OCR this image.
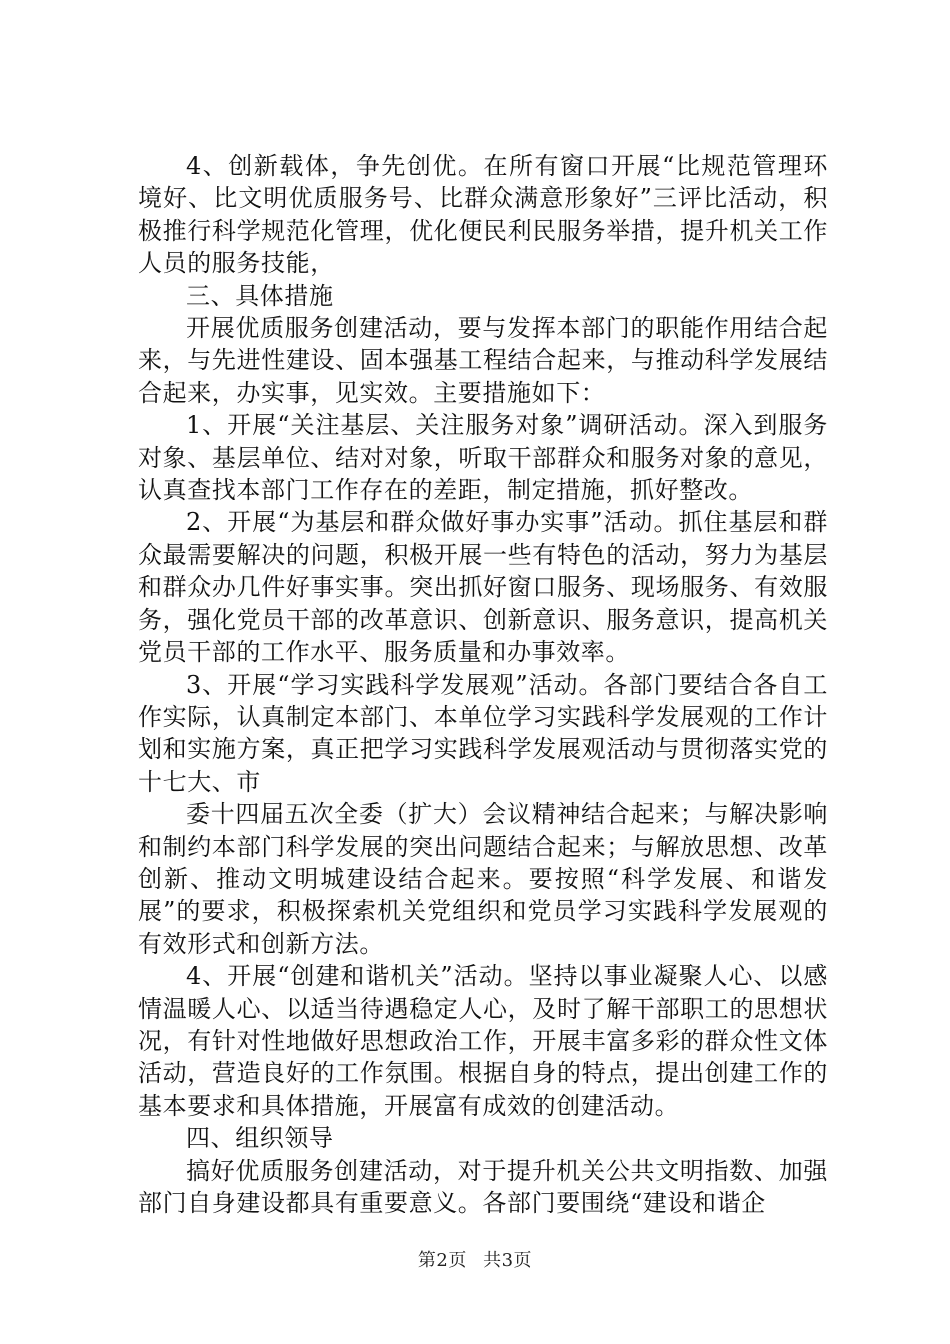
4、创新载体，争先创优。在所有窗口开展“比规范管理环境好、比文明优质服务号、比群众满意形象好”三评比活动，积极推行科学规范化管理，优化便民利民服务举措，提升机关工作人员的服务技能，

三、具体措施

开展优质服务创建活动，要与发挥本部门的职能作用结合起来，与先进性建设、固本强基工程结合起来，与推动科学发展结合起来，办实事，见实效。主要措施如下：

1、开展“关注基层、关注服务对象”调研活动。深入到服务对象、基层单位、结对对象，听取干部群众和服务对象的意见，认真查找本部门工作存在的差距，制定措施，抓好整改。

2、开展“为基层和群众做好事办实事”活动。抓住基层和群众最需要解决的问题，积极开展一些有特色的活动，努力为基层和群众办几件好事实事。突出抓好窗口服务、现场服务、有效服务，强化党员干部的改革意识、创新意识、服务意识，提高机关党员干部的工作水平、服务质量和办事效率。

3、开展“学习实践科学发展观”活动。各部门要结合各自工作实际，认真制定本部门、本单位学习实践科学发展观的工作计划和实施方案，真正把学习实践科学发展观活动与贯彻落实党的十七大、市

委十四届五次全委（扩大）会议精神结合起来；与解决影响和制约本部门科学发展的突出问题结合起来；与解放思想、改革创新、推动文明城建设结合起来。要按照“科学发展、和谐发展”的要求，积极探索机关党组织和党员学习实践科学发展观的有效形式和创新方法。

4、开展“创建和谐机关”活动。坚持以事业凝聚人心、以感情温暖人心、以适当待遇稳定人心，及时了解干部职工的思想状况，有针对性地做好思想政治工作，开展丰富多彩的群众性文体活动，营造良好的工作氛围。根据自身的特点，提出创建工作的基本要求和具体措施，开展富有成效的创建活动。

四、组织领导

搞好优质服务创建活动，对于提升机关公共文明指数、加强部门自身建设都具有重要意义。各部门要围绕“建设和谐企

第2页 共3页
